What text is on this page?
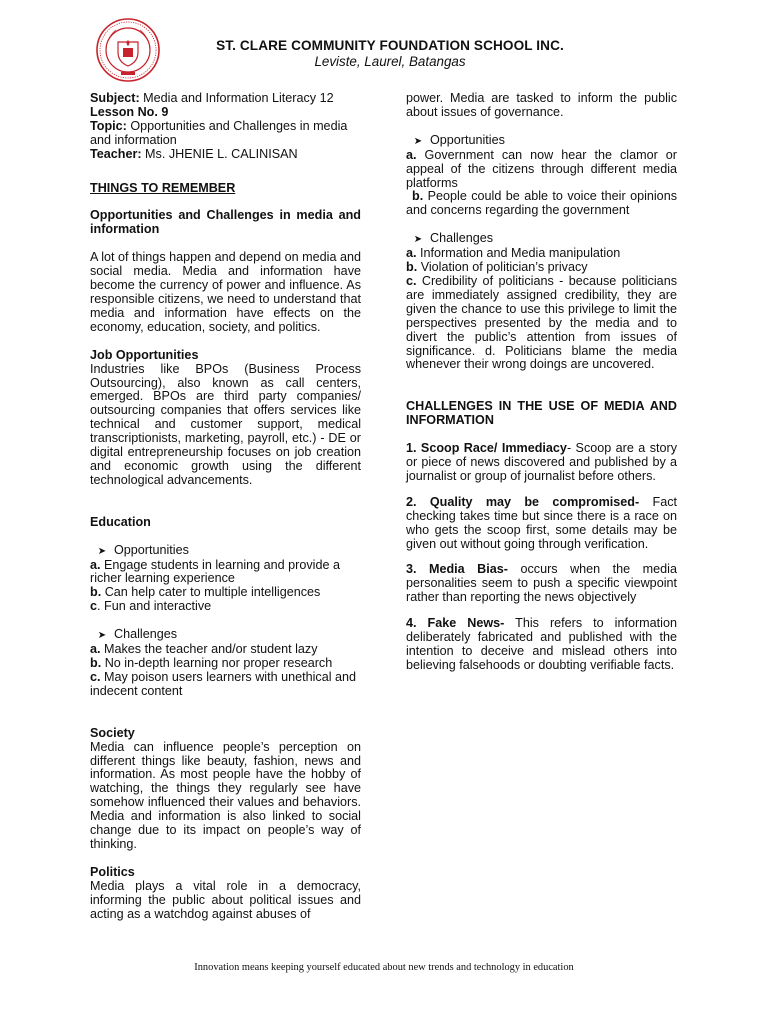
ST. CLARE COMMUNITY FOUNDATION SCHOOL INC.
Leviste, Laurel, Batangas
Subject: Media and Information Literacy 12
Lesson No. 9
Topic: Opportunities and Challenges in media and information
Teacher: Ms. JHENIE L. CALINISAN
THINGS TO REMEMBER
Opportunities and Challenges in media and information
A lot of things happen and depend on media and social media. Media and information have become the currency of power and influence. As responsible citizens, we need to understand that media and information have effects on the economy, education, society, and politics.
Job Opportunities
Industries like BPOs (Business Process Outsourcing), also known as call centers, emerged. BPOs are third party companies/ outsourcing companies that offers services like technical and customer support, medical transcriptionists, marketing, payroll, etc.) - DE or digital entrepreneurship focuses on job creation and economic growth using the different technological advancements.
Education
➤ Opportunities
a. Engage students in learning and provide a richer learning experience
b. Can help cater to multiple intelligences
c. Fun and interactive
➤ Challenges
a. Makes the teacher and/or student lazy
b. No in-depth learning nor proper research
c. May poison users learners with unethical and indecent content
Society
Media can influence people’s perception on different things like beauty, fashion, news and information. As most people have the hobby of watching, the things they regularly see have somehow influenced their values and behaviors. Media and information is also linked to social change due to its impact on people’s way of thinking.
Politics
Media plays a vital role in a democracy, informing the public about political issues and acting as a watchdog against abuses of
power. Media are tasked to inform the public about issues of governance.
➤ Opportunities
a. Government can now hear the clamor or appeal of the citizens through different media platforms
b. People could be able to voice their opinions and concerns regarding the government
➤ Challenges
a. Information and Media manipulation
b. Violation of politician’s privacy
c. Credibility of politicians - because politicians are immediately assigned credibility, they are given the chance to use this privilege to limit the perspectives presented by the media and to divert the public’s attention from issues of significance. d. Politicians blame the media whenever their wrong doings are uncovered.
CHALLENGES IN THE USE OF MEDIA AND INFORMATION
1. Scoop Race/ Immediacy- Scoop are a story or piece of news discovered and published by a journalist or group of journalist before others.
2. Quality may be compromised- Fact checking takes time but since there is a race on who gets the scoop first, some details may be given out without going through verification.
3. Media Bias- occurs when the media personalities seem to push a specific viewpoint rather than reporting the news objectively
4. Fake News- This refers to information deliberately fabricated and published with the intention to deceive and mislead others into believing falsehoods or doubting verifiable facts.
Innovation means keeping yourself educated about new trends and technology in education
